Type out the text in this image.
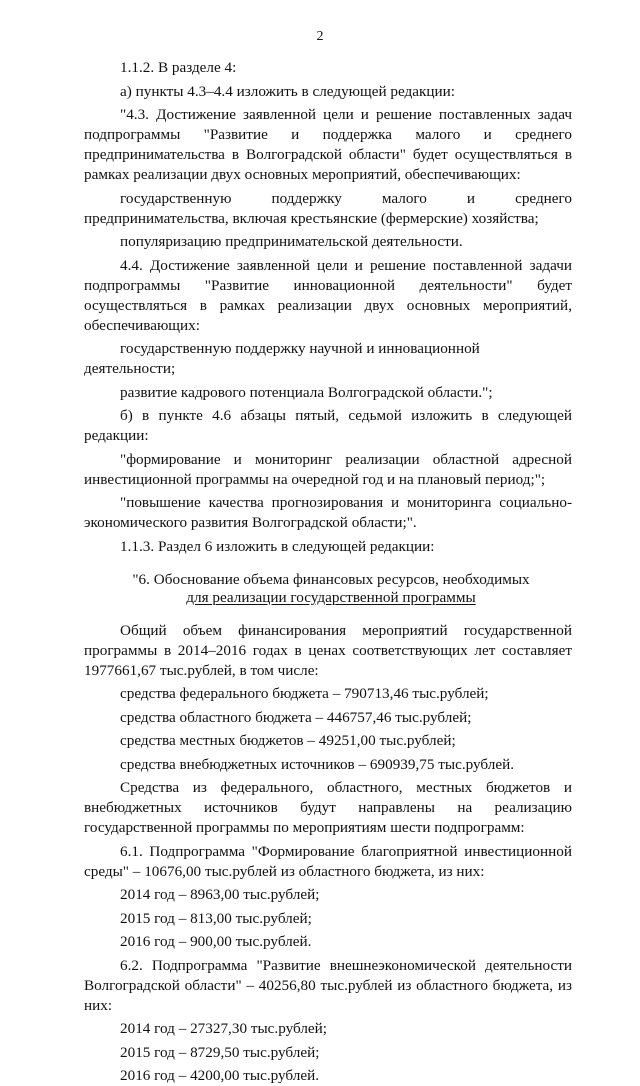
2

1.1.2. В разделе 4:

а) пункты 4.3–4.4 изложить в следующей редакции:

"4.3. Достижение заявленной цели и решение поставленных задач подпрограммы "Развитие и поддержка малого и среднего предпринимательства в Волгоградской области" будет осуществляться в рамках реализации двух основных мероприятий, обеспечивающих:

государственную поддержку малого и среднего предпринимательства, включая крестьянские (фермерские) хозяйства;

популяризацию предпринимательской деятельности.

4.4. Достижение заявленной цели и решение поставленной задачи подпрограммы "Развитие инновационной деятельности" будет осуществляться в рамках реализации двух основных мероприятий, обеспечивающих:

государственную поддержку научной и инновационной деятельности;

развитие кадрового потенциала Волгоградской области.";

б) в пункте 4.6 абзацы пятый, седьмой изложить в следующей редакции:

"формирование и мониторинг реализации областной адресной инвестиционной программы на очередной год и на плановый период;";

"повышение качества прогнозирования и мониторинга социально-экономического развития Волгоградской области;".

1.1.3. Раздел 6 изложить в следующей редакции:

"6. Обоснование объема финансовых ресурсов, необходимых
для реализации государственной программы

Общий объем финансирования мероприятий государственной программы в 2014–2016 годах в ценах соответствующих лет составляет 1977661,67 тыс.рублей, в том числе:

средства федерального бюджета – 790713,46 тыс.рублей;

средства областного бюджета – 446757,46 тыс.рублей;

средства местных бюджетов – 49251,00 тыс.рублей;

средства внебюджетных источников – 690939,75 тыс.рублей.

Средства из федерального, областного, местных бюджетов и внебюджетных источников будут направлены на реализацию государственной программы по мероприятиям шести подпрограмм:

6.1. Подпрограмма "Формирование благоприятной инвестиционной среды" – 10676,00 тыс.рублей из областного бюджета, из них:

2014 год – 8963,00 тыс.рублей;

2015 год – 813,00 тыс.рублей;

2016 год – 900,00 тыс.рублей.

6.2. Подпрограмма "Развитие внешнеэкономической деятельности Волгоградской области" – 40256,80 тыс.рублей из областного бюджета, из них:

2014 год – 27327,30 тыс.рублей;

2015 год – 8729,50 тыс.рублей;

2016 год – 4200,00 тыс.рублей.
